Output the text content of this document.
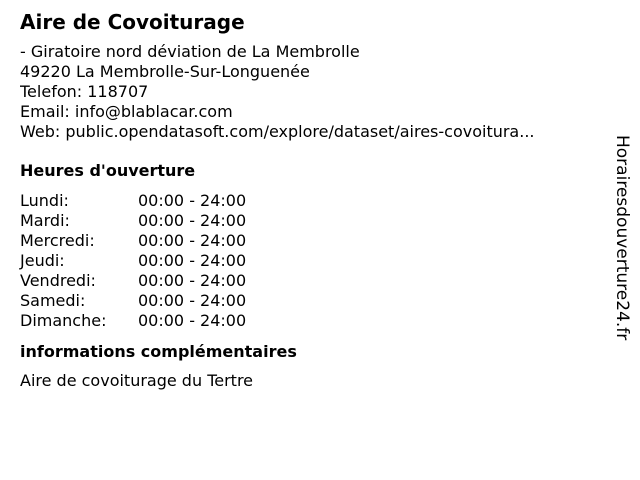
Aire de Covoiturage
- Giratoire nord déviation de La Membrolle
49220 La Membrolle-Sur-Longuenée
Telefon: 118707
Email: info@blablacar.com
Web: public.opendatasoft.com/explore/dataset/aires-covoitura...
Heures d'ouverture
Lundi:	00:00 - 24:00
Mardi:	00:00 - 24:00
Mercredi:	00:00 - 24:00
Jeudi:	00:00 - 24:00
Vendredi:	00:00 - 24:00
Samedi:	00:00 - 24:00
Dimanche:	00:00 - 24:00
informations complémentaires
Aire de covoiturage du Tertre
Horairesdouverture24.fr
